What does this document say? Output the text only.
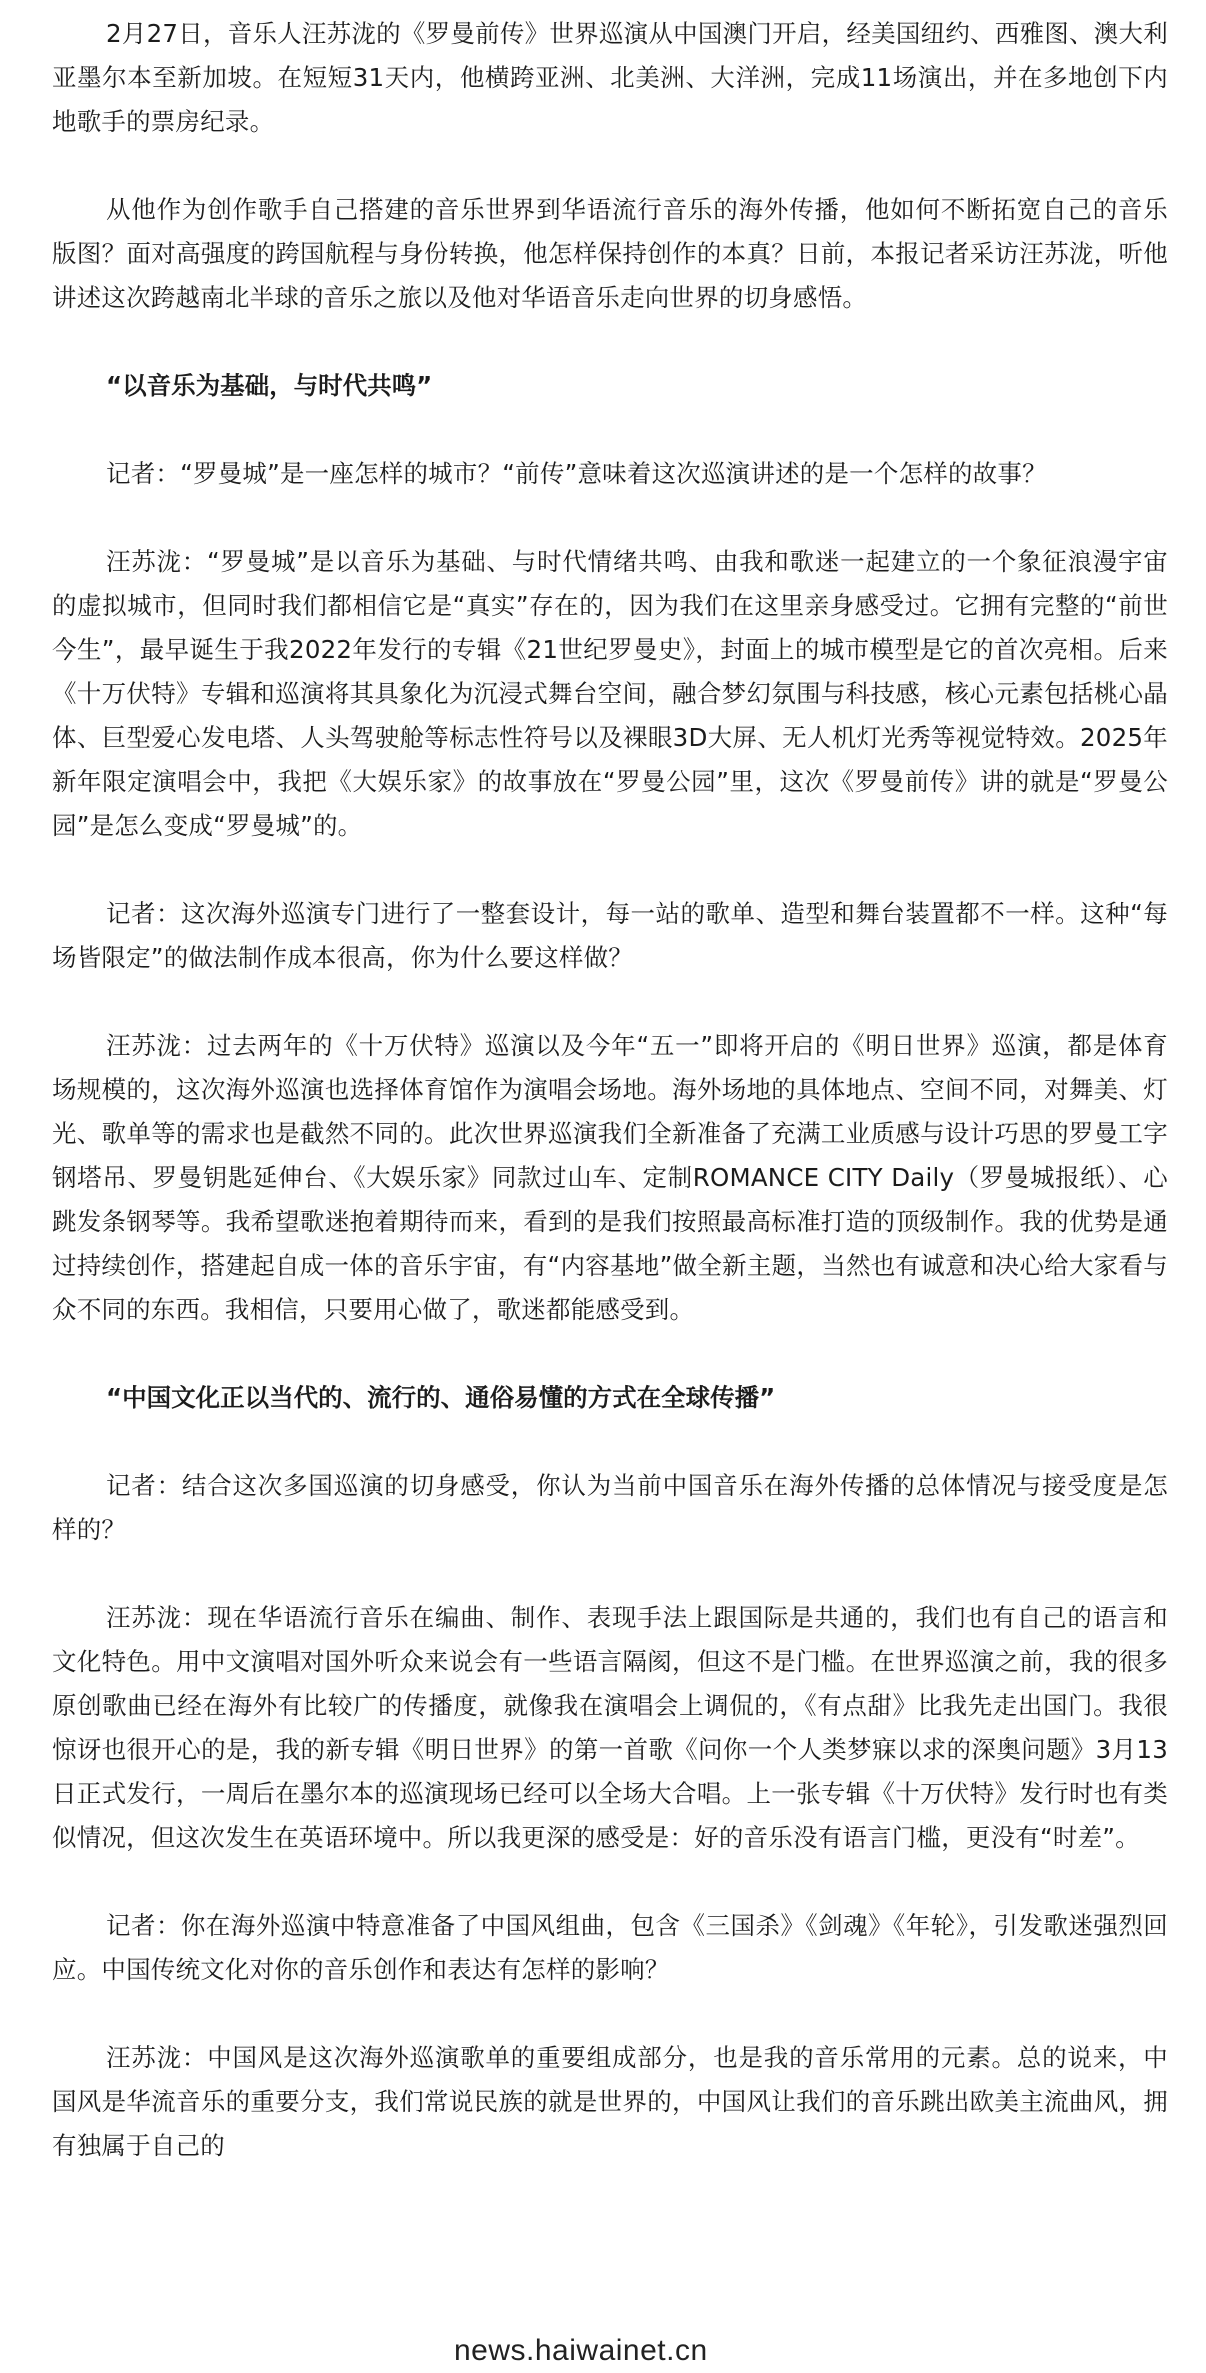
2月27日，音乐人汪苏泷的《罗曼前传》世界巡演从中国澳门开启，经美国纽约、西雅图、澳大利亚墨尔本至新加坡。在短短31天内，他横跨亚洲、北美洲、大洋洲，完成11场演出，并在多地创下内地歌手的票房纪录。

从他作为创作歌手自己搭建的音乐世界到华语流行音乐的海外传播，他如何不断拓宽自己的音乐版图？面对高强度的跨国航程与身份转换，他怎样保持创作的本真？日前，本报记者采访汪苏泷，听他讲述这次跨越南北半球的音乐之旅以及他对华语音乐走向世界的切身感悟。

“以音乐为基础，与时代共鸣”

记者：“罗曼城”是一座怎样的城市？“前传”意味着这次巡演讲述的是一个怎样的故事？

汪苏泷：“罗曼城”是以音乐为基础、与时代情绪共鸣、由我和歌迷一起建立的一个象征浪漫宇宙的虚拟城市，但同时我们都相信它是“真实”存在的，因为我们在这里亲身感受过。它拥有完整的“前世今生”，最早诞生于我2022年发行的专辑《21世纪罗曼史》，封面上的城市模型是它的首次亮相。后来《十万伏特》专辑和巡演将其具象化为沉浸式舞台空间，融合梦幻氛围与科技感，核心元素包括桃心晶体、巨型爱心发电塔、人头驾驶舱等标志性符号以及裸眼3D大屏、无人机灯光秀等视觉特效。2025年新年限定演唱会中，我把《大娱乐家》的故事放在“罗曼公园”里，这次《罗曼前传》讲的就是“罗曼公园”是怎么变成“罗曼城”的。

记者：这次海外巡演专门进行了一整套设计，每一站的歌单、造型和舞台装置都不一样。这种“每场皆限定”的做法制作成本很高，你为什么要这样做？

汪苏泷：过去两年的《十万伏特》巡演以及今年“五一”即将开启的《明日世界》巡演，都是体育场规模的，这次海外巡演也选择体育馆作为演唱会场地。海外场地的具体地点、空间不同，对舞美、灯光、歌单等的需求也是截然不同的。此次世界巡演我们全新准备了充满工业质感与设计巧思的罗曼工字钢塔吊、罗曼钥匙延伸台、《大娱乐家》同款过山车、定制ROMANCE CITY Daily（罗曼城报纸）、心跳发条钢琴等。我希望歌迷抱着期待而来，看到的是我们按照最高标准打造的顶级制作。我的优势是通过持续创作，搭建起自成一体的音乐宇宙，有“内容基地”做全新主题，当然也有诚意和决心给大家看与众不同的东西。我相信，只要用心做了，歌迷都能感受到。

“中国文化正以当代的、流行的、通俗易懂的方式在全球传播”

记者：结合这次多国巡演的切身感受，你认为当前中国音乐在海外传播的总体情况与接受度是怎样的？

汪苏泷：现在华语流行音乐在编曲、制作、表现手法上跟国际是共通的，我们也有自己的语言和文化特色。用中文演唱对国外听众来说会有一些语言隔阂，但这不是门槛。在世界巡演之前，我的很多原创歌曲已经在海外有比较广的传播度，就像我在演唱会上调侃的，《有点甜》比我先走出国门。我很惊讶也很开心的是，我的新专辑《明日世界》的第一首歌《问你一个人类梦寐以求的深奥问题》3月13日正式发行，一周后在墨尔本的巡演现场已经可以全场大合唱。上一张专辑《十万伏特》发行时也有类似情况，但这次发生在英语环境中。所以我更深的感受是：好的音乐没有语言门槛，更没有“时差”。

记者：你在海外巡演中特意准备了中国风组曲，包含《三国杀》《剑魂》《年轮》，引发歌迷强烈回应。中国传统文化对你的音乐创作和表达有怎样的影响？

汪苏泷：中国风是这次海外巡演歌单的重要组成部分，也是我的音乐常用的元素。总的说来，中国风是华流音乐的重要分支，我们常说民族的就是世界的，中国风让我们的音乐跳出欧美主流曲风，拥有独属于自己的

news.haiwainet.cn
